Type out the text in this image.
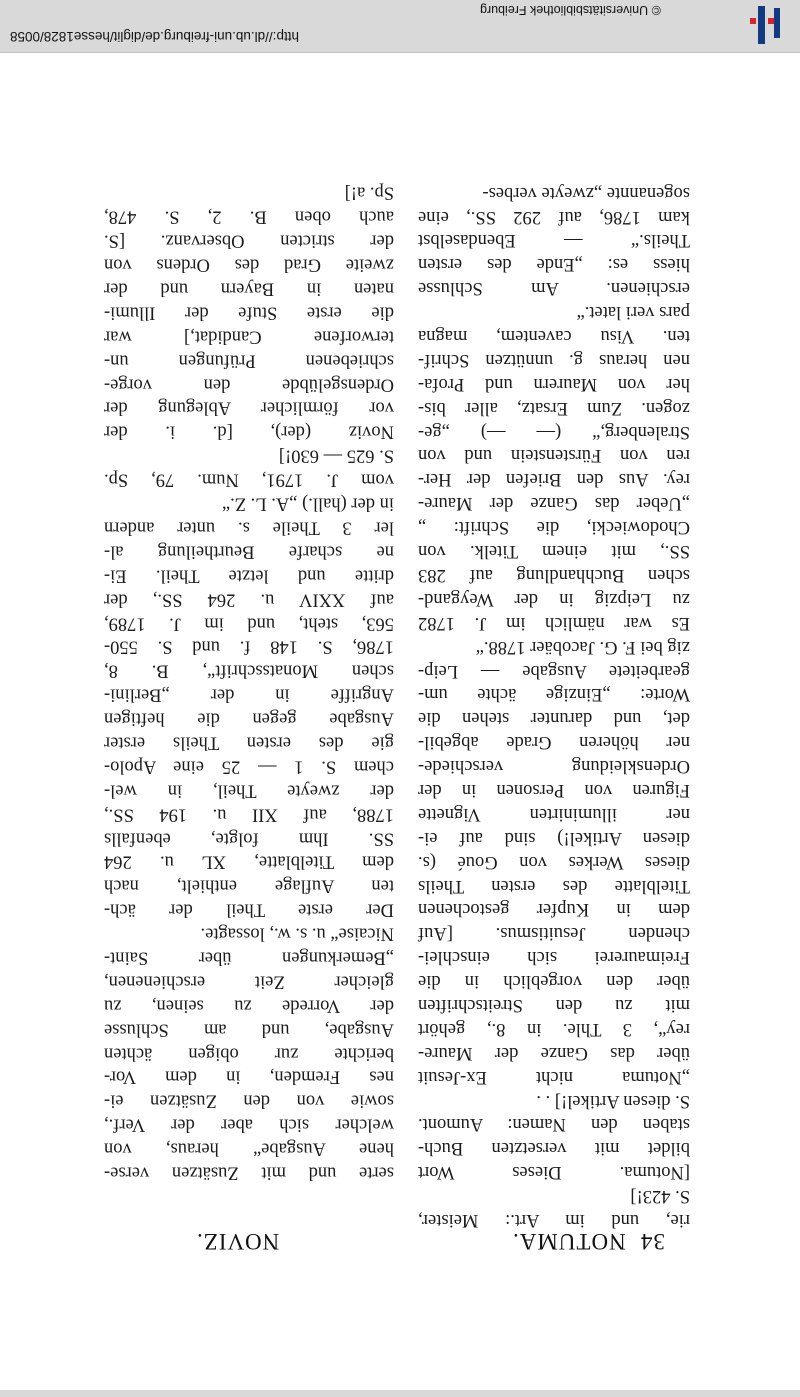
© Universitätsbibliothek Freiburg
http://dl.ub.uni-freiburg.de/diglit/hesse1828/0058
34
NOTUMA.
NOVIZ.
rie, und im Art.: Meister,
S. 423!]
[Notuma. Dieses Wort
bildet mit versetzten Buch-
staben den Namen: Aumont.
S. diesen Artikel!] . .
„Notuma nicht Ex-Jesuit
über das Ganze der Maure-
rey“, 3 Thle. in 8., gehört
mit zu den Streitschriften
über den vorgeblich in die
Freimaurerei sich einschlei-
chenden Jesuitismus. [Auf
dem in Kupfer gestochenen
Titelblatte des ersten Theils
dieses Werkes von Goué (s.
diesen Artikel!) sind auf ei-
ner illuminirten Vignette
Figuren von Personen in der
Ordenskleidung verschiede-
ner höheren Grade abgebil-
det, und darunter stehen die
Worte: „Einzige ächte um-
gearbeitete Ausgabe — Leip-
zig bei F. G. Jacobäer 1788.“
Es war nämlich im J. 1782
zu Leipzig in der Weygand-
schen Buchhandlung auf 283
SS., mit einem Titelk. von
Chodowiecki, die Schrift: „
„Ueber das Ganze der Maure-
rey. Aus den Briefen der Her-
ren von Fürstenstein und von
Stralenberg,“ (— —) „ge-
zogen. Zum Ersatz, aller bis-
her von Maurern und Profa-
nen heraus g. unnützen Schrif-
ten. Visu caventem, magna
pars veri latet.“
erschienen. Am Schlusse
hiess es: „Ende des ersten
Theils.“ — Ebendaselbst
kam 1786, auf 292 SS., eine
sogenannte „zweyte verbes-
serte und mit Zusätzen verse-
hene Ausgabe“ heraus, von
welcher sich aber der Verf.,
sowie von den Zusätzen ei-
nes Fremden, in dem Vor-
berichte zur obigen ächten
Ausgabe, und am Schlusse
der Vorrede zu seinen, zu
gleicher Zeit erschienenen,
„Bemerkungen über Saint-
Nicaise“ u. s. w., lossagte.
Der erste Theil der äch-
ten Auflage enthielt, nach
dem Titelblatte, XL u. 264
SS. Ihm folgte, ebenfalls
1788, auf XII u. 194 SS.,
der zweyte Theil, in wel-
chem S. 1 — 25 eine Apolo-
gie des ersten Theils erster
Ausgabe gegen die heftigen
Angriffe in der „Berlini-
schen Monatsschrift“, B. 8,
1786, S. 148 f. und S. 550-
563, steht, und im J. 1789,
auf XXIV u. 264 SS., der
dritte und letzte Theil. Ei-
ne scharfe Beurtheilung al-
ler 3 Theile s. unter andern
in der (hall.) „A. L. Z.“
vom J. 1791, Num. 79, Sp.
S. 625 — 630!]
Noviz (der), [d. i. der
vor förmlicher Ablegung der
Ordensgelübde den vorge-
schriebenen Prüfungen un-
terworfene Candidat,] war
die erste Stufe der Illumi-
naten in Bayern und der
zweite Grad des Ordens von
der stricten Observanz. [S.
auch oben B. 2, S. 478,
Sp. a!]
